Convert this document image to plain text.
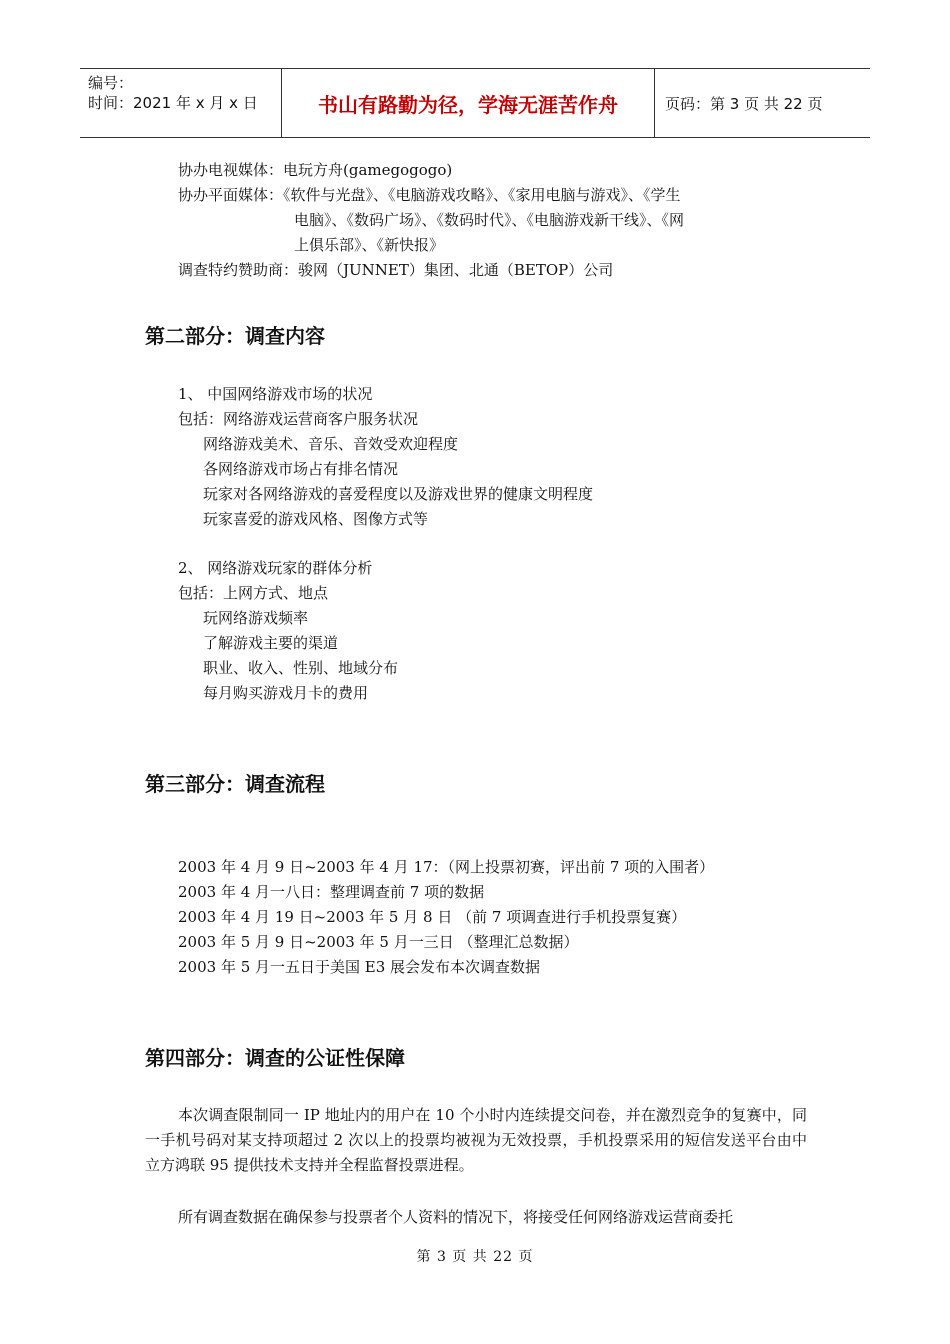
编号：
时间：2021 年 x 月 x 日	书山有路勤为径，学海无涯苦作舟	页码：第 3 页 共 22 页
协办电视媒体：电玩方舟(gamegogogo)
协办平面媒体：《软件与光盘》、《电脑游戏攻略》、《家用电脑与游戏》、《学生
电脑》、《数码广场》、《数码时代》、《电脑游戏新干线》、《网
上俱乐部》、《新快报》
调查特约赞助商：骏网（JUNNET）集团、北通（BETOP）公司
第二部分：调查内容
1、 中国网络游戏市场的状况
包括：网络游戏运营商客户服务状况
网络游戏美术、音乐、音效受欢迎程度
各网络游戏市场占有排名情况
玩家对各网络游戏的喜爱程度以及游戏世界的健康文明程度
玩家喜爱的游戏风格、图像方式等
2、 网络游戏玩家的群体分析
包括：上网方式、地点
玩网络游戏频率
了解游戏主要的渠道
职业、收入、性别、地域分布
每月购买游戏月卡的费用
第三部分：调查流程
2003 年 4 月 9 日~2003 年 4 月 17：（网上投票初赛，评出前 7 项的入围者）
2003 年 4 月一八日：整理调查前 7 项的数据
2003 年 4 月 19 日~2003 年 5 月 8 日 （前 7 项调查进行手机投票复赛）
2003 年 5 月 9 日~2003 年 5 月一三日 （整理汇总数据）
2003 年 5 月一五日于美国 E3 展会发布本次调查数据
第四部分：调查的公证性保障
本次调查限制同一 IP 地址内的用户在 10 个小时内连续提交问卷，并在激烈竞争的复赛中，同一手机号码对某支持项超过 2 次以上的投票均被视为无效投票，手机投票采用的短信发送平台由中立方鸿联 95 提供技术支持并全程监督投票进程。
所有调查数据在确保参与投票者个人资料的情况下，将接受任何网络游戏运营商委托
第 3 页 共 22 页
